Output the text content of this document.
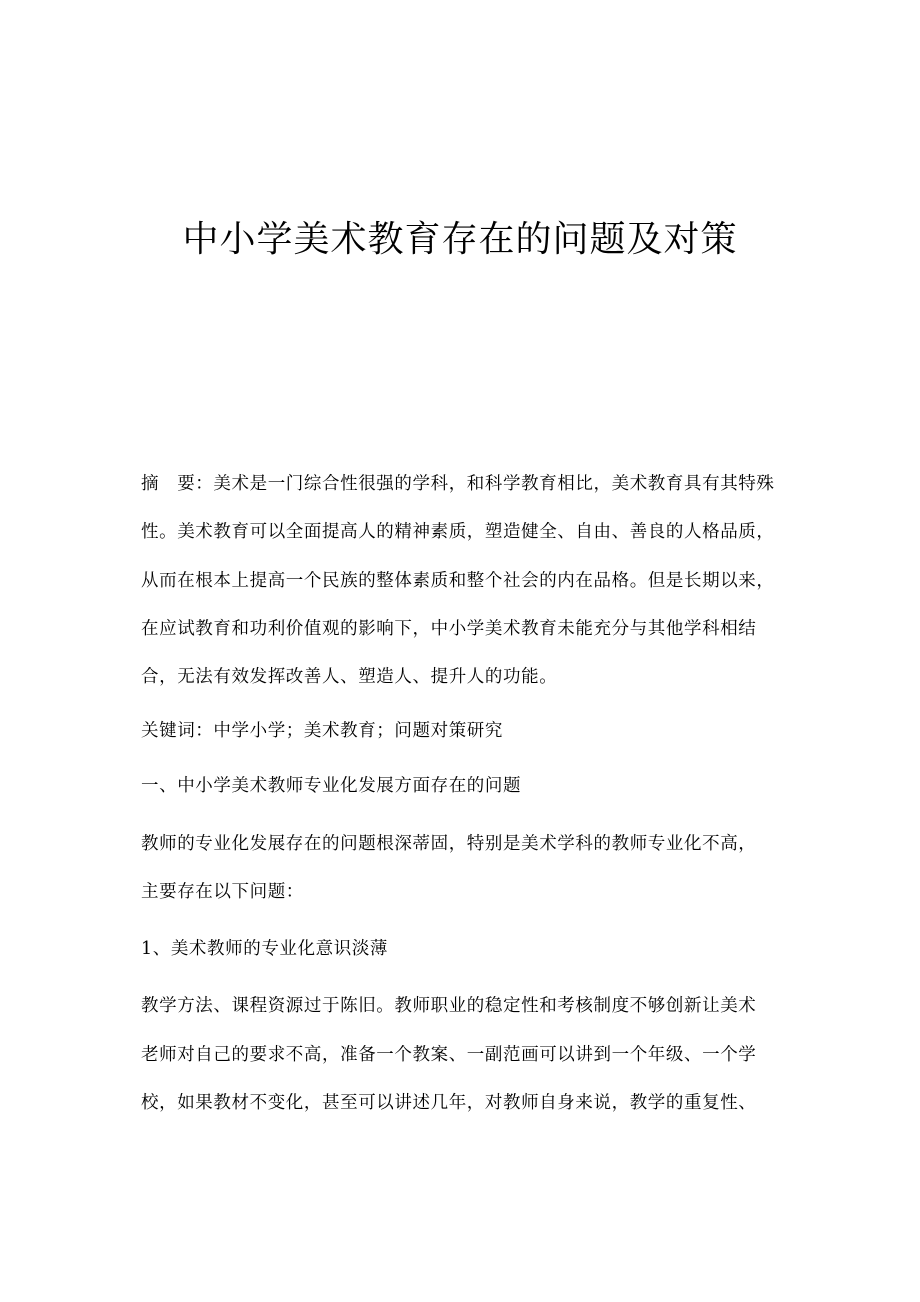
中小学美术教育存在的问题及对策

摘　要：美术是一门综合性很强的学科，和科学教育相比，美术教育具有其特殊

性。美术教育可以全面提高人的精神素质，塑造健全、自由、善良的人格品质，

从而在根本上提高一个民族的整体素质和整个社会的内在品格。但是长期以来，

在应试教育和功利价值观的影响下，中小学美术教育未能充分与其他学科相结

合，无法有效发挥改善人、塑造人、提升人的功能。

关键词：中学小学；美术教育；问题对策研究

一、中小学美术教师专业化发展方面存在的问题

教师的专业化发展存在的问题根深蒂固，特别是美术学科的教师专业化不高，

主要存在以下问题：

1、美术教师的专业化意识淡薄

教学方法、课程资源过于陈旧。教师职业的稳定性和考核制度不够创新让美术

老师对自己的要求不高，准备一个教案、一副范画可以讲到一个年级、一个学

校，如果教材不变化，甚至可以讲述几年，对教师自身来说，教学的重复性、
